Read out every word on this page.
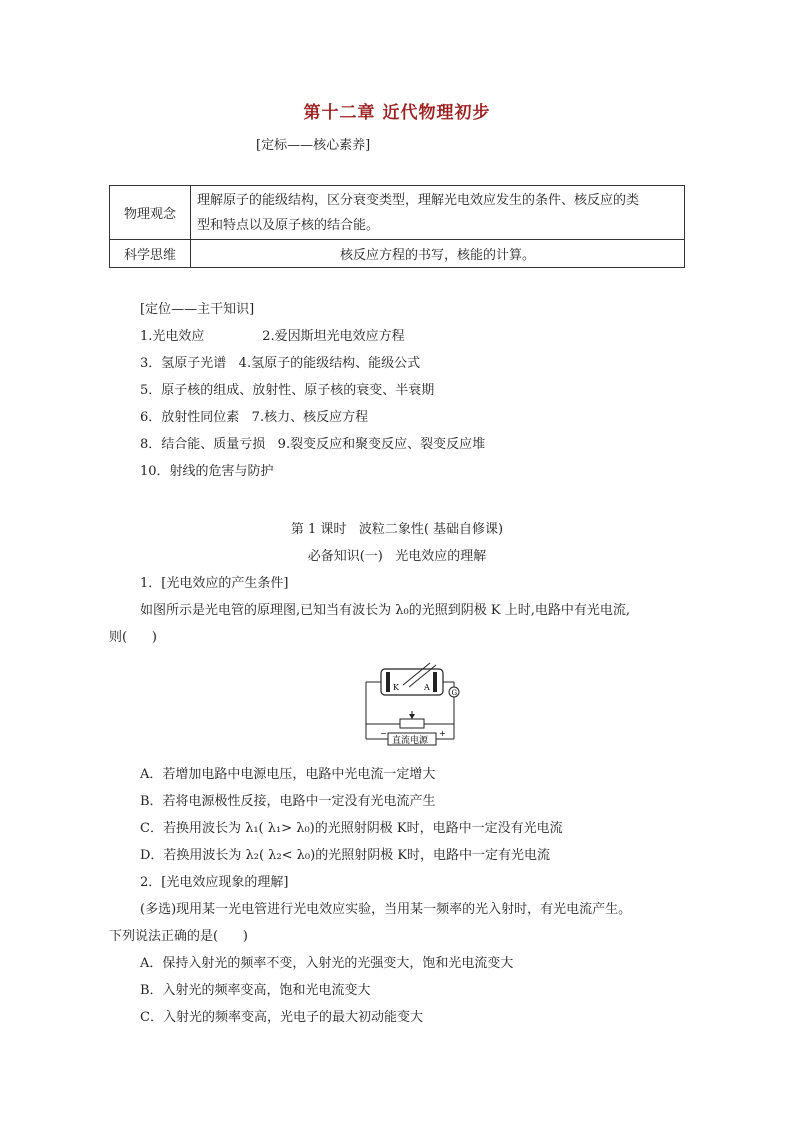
第十二章 近代物理初步
[定标——核心素养]
物理观念	理解原子的能级结构，区分衰变类型，理解光电效应发生的条件、核反应的类
型和特点以及原子核的结合能。

科学思维	核反应方程的书写，核能的计算。
[定位——主干知识]
1.光电效应              2.爱因斯坦光电效应方程
3．氢原子光谱   4.氢原子的能级结构、能级公式
5．原子核的组成、放射性、原子核的衰变、半衰期
6．放射性同位素   7.核力、核反应方程
8．结合能、质量亏损   9.裂变反应和聚变反应、裂变反应堆
10．射线的危害与防护
第 1 课时   波粒二象性( 基础自修课)
必备知识(一)   光电效应的理解
1．[光电效应的产生条件]
如图所示是光电管的原理图,已知当有波长为 λ₀的光照到阴极 K 上时,电路中有光电流,
则(      )
K	A
G
直流电源
−	+
A．若增加电路中电源电压，电路中光电流一定增大
B．若将电源极性反接，电路中一定没有光电流产生
C．若换用波长为 λ₁( λ₁> λ₀)的光照射阴极 K时，电路中一定没有光电流
D．若换用波长为 λ₂( λ₂< λ₀)的光照射阴极 K时，电路中一定有光电流
2．[光电效应现象的理解]
(多选)现用某一光电管进行光电效应实验，当用某一频率的光入射时，有光电流产生。
下列说法正确的是(      )
A．保持入射光的频率不变，入射光的光强变大，饱和光电流变大
B．入射光的频率变高，饱和光电流变大
C．入射光的频率变高，光电子的最大初动能变大
